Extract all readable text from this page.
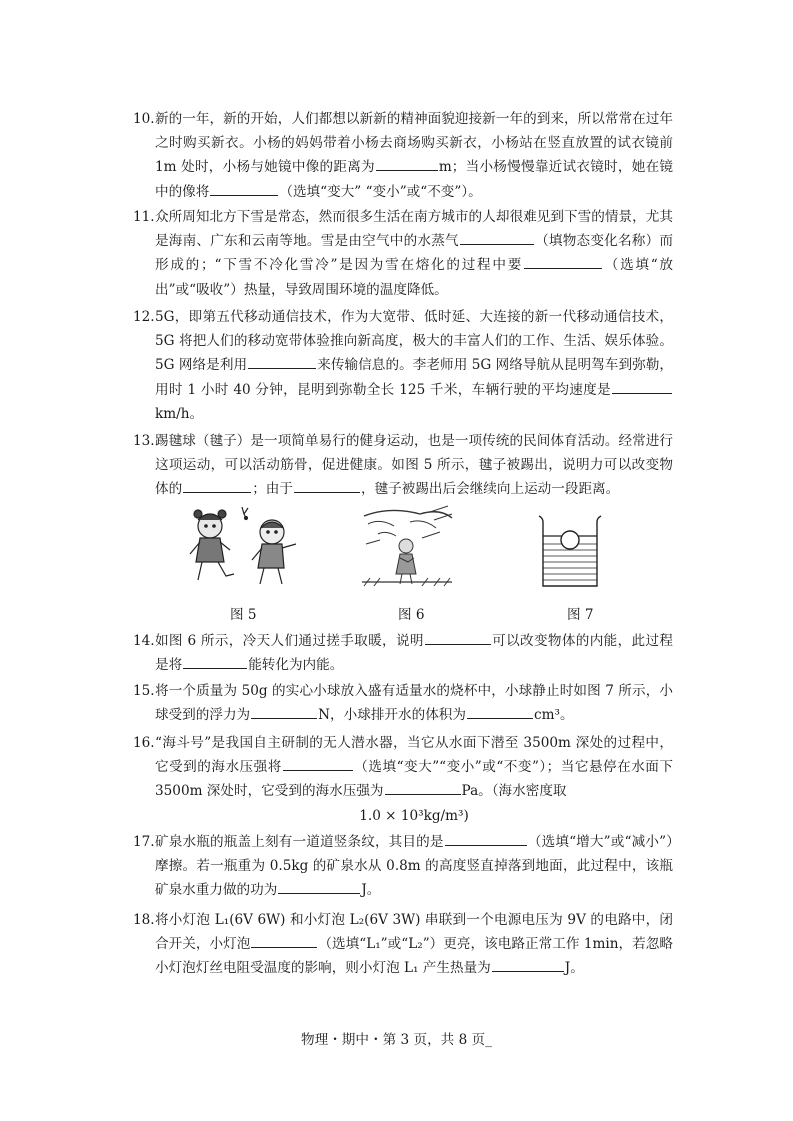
10. 新的一年，新的开始，人们都想以新新的精神面貌迎接新一年的到来，所以常常在过年之时购买新衣。小杨的妈妈带着小杨去商场购买新衣，小杨站在竖直放置的试衣镜前 1m 处时，小杨与她镜中像的距离为	m；当小杨慢慢靠近试衣镜时，她在镜中的像将	（选填“变大” “变小”或“不变”）。
11. 众所周知北方下雪是常态，然而很多生活在南方城市的人却很难见到下雪的情景，尤其是海南、广东和云南等地。雪是由空气中的水蒸气	（填物态变化名称）而形成的；“下雪不冷化雪冷”是因为雪在熔化的过程中要	（选填“放出”或“吸收”）热量，导致周围环境的温度降低。
12. 5G，即第五代移动通信技术，作为大宽带、低时延、大连接的新一代移动通信技术，5G 将把人们的移动宽带体验推向新高度，极大的丰富人们的工作、生活、娱乐体验。5G 网络是利用	来传输信息的。李老师用 5G 网络导航从昆明驾车到弥勒，用时 1 小时 40 分钟，昆明到弥勒全长 125 千米，车辆行驶的平均速度是km/h。
13. 踢毽球（毽子）是一项简单易行的健身运动，也是一项传统的民间体育活动。经常进行这项运动，可以活动筋骨，促进健康。如图 5 所示，毽子被踢出，说明力可以改变物体的	；由于	，毽子被踢出后会继续向上运动一段距离。
图 5	图 6	图 7
14. 如图 6 所示，冷天人们通过搓手取暖，说明	可以改变物体的内能，此过程是将	能转化为内能。
15. 将一个质量为 50g 的实心小球放入盛有适量水的烧杯中，小球静止时如图 7 所示，小球受到的浮力为	N，小球排开水的体积为	cm³。
16. “海斗号”是我国自主研制的无人潜水器，当它从水面下潜至 3500m 深处的过程中，它受到的海水压强将	（选填“变大”“变小”或“不变”）；当它悬停在水面下 3500m 深处时，它受到的海水压强为	Pa。（海水密度取
1.0 × 10³kg/m³)
17. 矿泉水瓶的瓶盖上刻有一道道竖条纹，其目的是	（选填“增大”或“减小”）摩擦。若一瓶重为 0.5kg 的矿泉水从 0.8m 的高度竖直掉落到地面，此过程中，该瓶矿泉水重力做的功为	J。
18. 将小灯泡 L₁(6V 6W) 和小灯泡 L₂(6V 3W) 串联到一个电源电压为 9V 的电路中，闭合开关，小灯泡	（选填“L₁”或“L₂”）更亮，该电路正常工作 1min，若忽略小灯泡灯丝电阻受温度的影响，则小灯泡 L₁ 产生热量为	J。
物理・期中・第 3 页，共 8 页_
